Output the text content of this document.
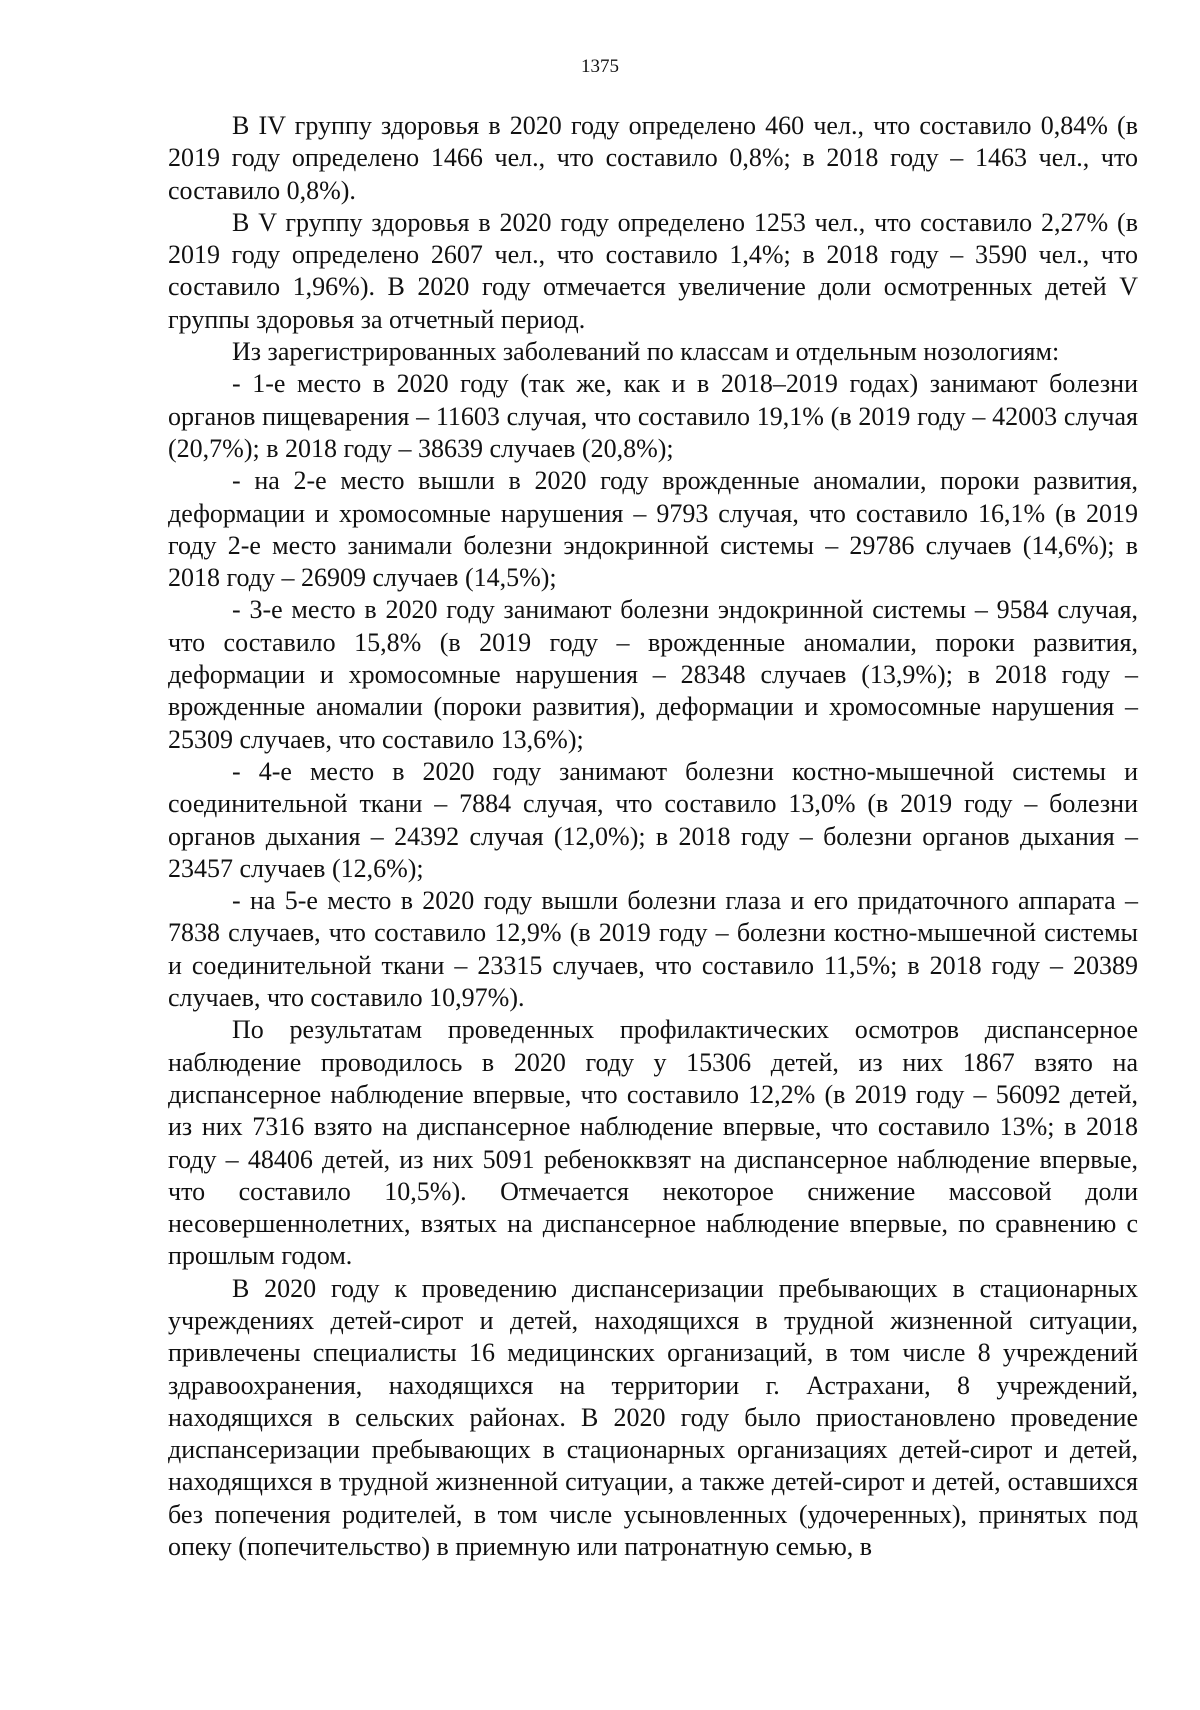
1375

В IV группу здоровья в 2020 году определено 460 чел., что составило 0,84% (в 2019 году определено 1466 чел., что составило 0,8%; в 2018 году – 1463 чел., что составило 0,8%).

В V группу здоровья в 2020 году определено 1253 чел., что составило 2,27% (в 2019 году определено 2607 чел., что составило 1,4%; в 2018 году – 3590 чел., что составило 1,96%). В 2020 году отмечается увеличение доли осмотренных детей V группы здоровья за отчетный период.

Из зарегистрированных заболеваний по классам и отдельным нозологиям:

- 1-е место в 2020 году (так же, как и в 2018–2019 годах) занимают болезни органов пищеварения – 11603 случая, что составило 19,1% (в 2019 году – 42003 случая (20,7%); в 2018 году – 38639 случаев (20,8%);

- на 2-е место вышли в 2020 году врожденные аномалии, пороки развития, деформации и хромосомные нарушения – 9793 случая, что составило 16,1% (в 2019 году 2-е место занимали болезни эндокринной системы – 29786 случаев (14,6%); в 2018 году – 26909 случаев (14,5%);

- 3-е место в 2020 году занимают болезни эндокринной системы – 9584 случая, что составило 15,8% (в 2019 году – врожденные аномалии, пороки развития, деформации и хромосомные нарушения – 28348 случаев (13,9%); в 2018 году – врожденные аномалии (пороки развития), деформации и хромосомные нарушения – 25309 случаев, что составило 13,6%);

- 4-е место в 2020 году занимают болезни костно-мышечной системы и соединительной ткани – 7884 случая, что составило 13,0% (в 2019 году – болезни органов дыхания – 24392 случая (12,0%); в 2018 году – болезни органов дыхания – 23457 случаев (12,6%);

- на 5-е место в 2020 году вышли болезни глаза и его придаточного аппарата – 7838 случаев, что составило 12,9% (в 2019 году – болезни костно-мышечной системы и соединительной ткани – 23315 случаев, что составило 11,5%; в 2018 году – 20389 случаев, что составило 10,97%).

По результатам проведенных профилактических осмотров диспансерное наблюдение проводилось в 2020 году у 15306 детей, из них 1867 взято на диспансерное наблюдение впервые, что составило 12,2% (в 2019 году – 56092 детей, из них 7316 взято на диспансерное наблюдение впервые, что составило 13%; в 2018 году – 48406 детей, из них 5091 ребенокквзят на диспансерное наблюдение впервые, что составило 10,5%). Отмечается некоторое снижение массовой доли несовершеннолетних, взятых на диспансерное наблюдение впервые, по сравнению с прошлым годом.

В 2020 году к проведению диспансеризации пребывающих в стационарных учреждениях детей-сирот и детей, находящихся в трудной жизненной ситуации, привлечены специалисты 16 медицинских организаций, в том числе 8 учреждений здравоохранения, находящихся на территории г. Астрахани, 8 учреждений, находящихся в сельских районах. В 2020 году было приостановлено проведение диспансеризации пребывающих в стационарных организациях детей-сирот и детей, находящихся в трудной жизненной ситуации, а также детей-сирот и детей, оставшихся без попечения родителей, в том числе усыновленных (удочеренных), принятых под опеку (попечительство) в приемную или патронатную семью, в
